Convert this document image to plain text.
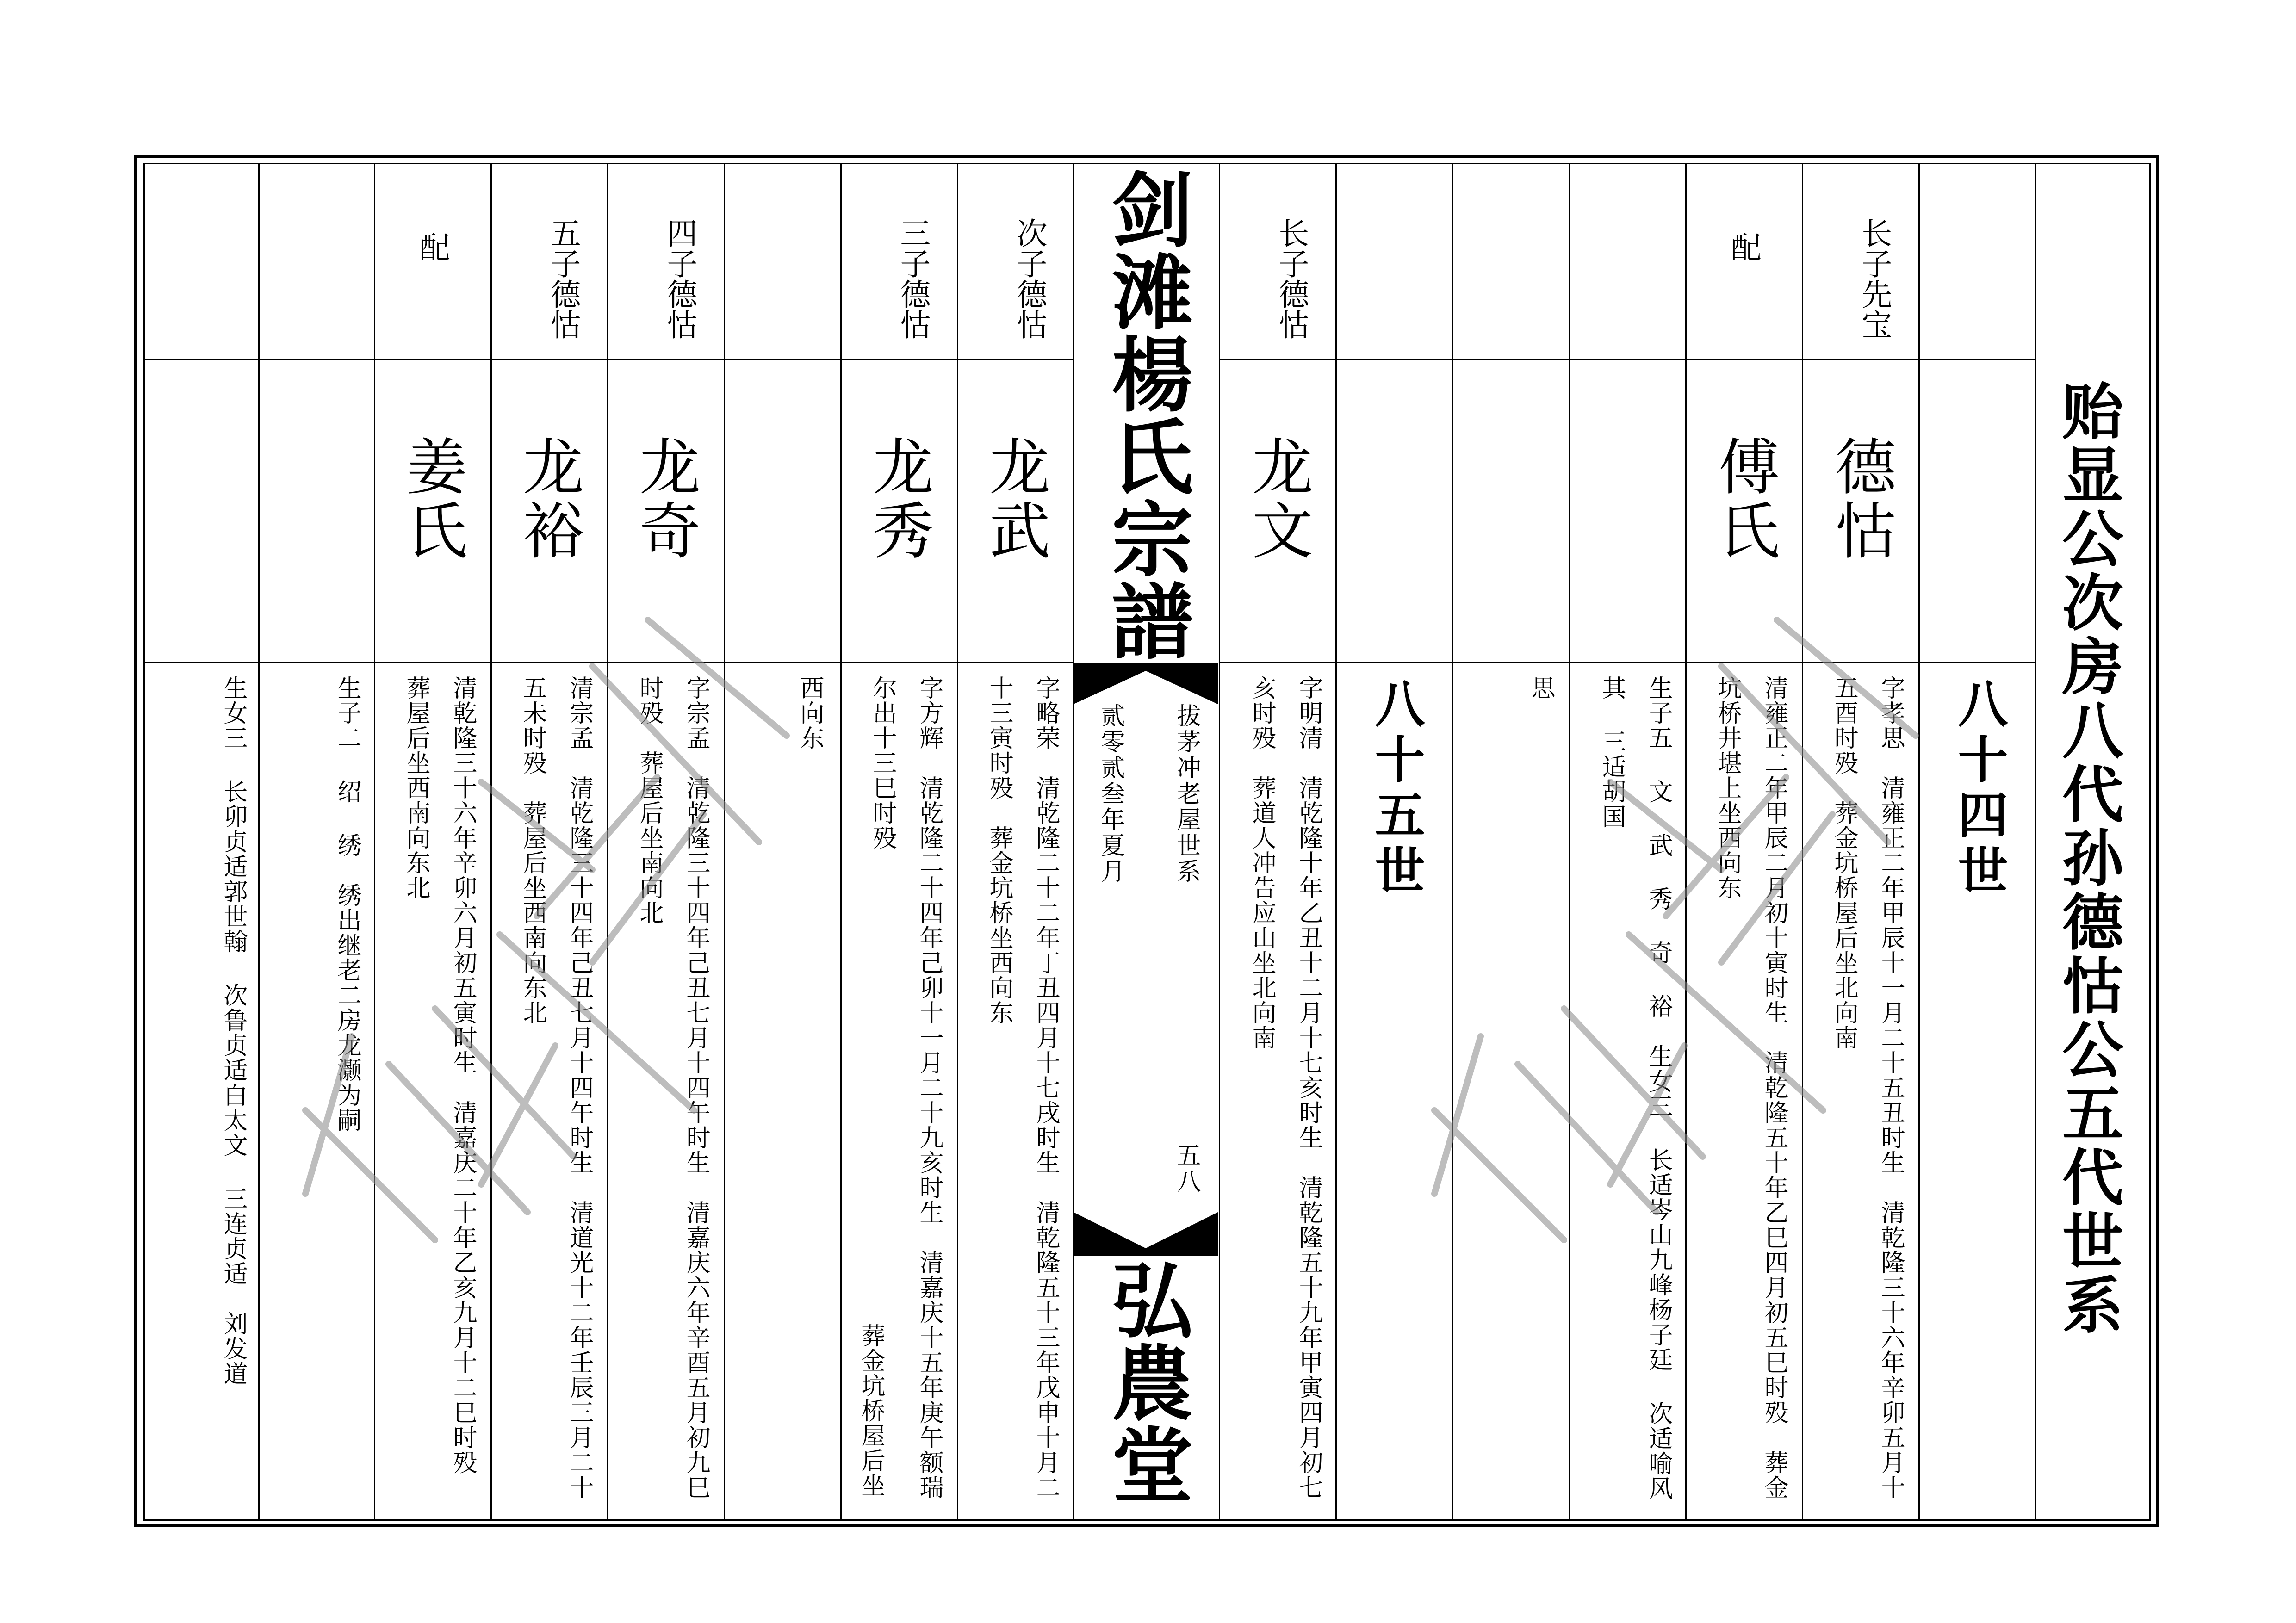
贻显公次房八代孙德怙公五代世系
八十四世
八十五世
剑滩楊氏宗譜
拔茅冲老屋世系
贰零贰叁年夏月
五八
弘農堂
长子先宝
德怙
字孝思　清雍正二年甲辰十一月二十五丑时生　清乾隆三十六年辛卯五月十五酉时殁　葬金坑桥屋后坐北向南
配
傅氏
清雍正二年甲辰二月初十寅时生　清乾隆五十年乙巳四月初五巳时殁　葬金坑桥井堪上坐西向东
生子五 文 武 秀 奇 裕　生女三 长适岑山九峰杨子廷 次适喻风其 三适胡国
思
长子德怙
龙文
字明清　清乾隆十年乙丑十二月十七亥时生　清乾隆五十九年甲寅四月初七亥时殁　葬道人冲告应山坐北向南
次子德怙
龙武
字略荣　清乾隆二十二年丁丑四月十七戌时生　清乾隆五十三年戊申十月二十三寅时殁　葬金坑桥坐西向东
三子德怙
龙秀
字方辉　清乾隆二十四年己卯十一月二十九亥时生　清嘉庆十五年庚午额瑞尔出十三巳时殁
西向东
葬金坑桥屋后坐
四子德怙
龙奇
字宗孟　清乾隆三十四年己丑七月十四午时生　清嘉庆六年辛酉五月初九巳时殁　葬屋后坐南向北
五子德怙
龙裕
清宗孟　清乾隆三十四年己丑七月十四午时生　清道光十二年壬辰三月二十五未时殁　葬屋后坐西南向东北
配
姜氏
清乾隆三十六年辛卯六月初五寅时生　清嘉庆二十年乙亥九月十二巳时殁　葬屋后坐西南向东北
生子二 绍 绣　绣出继老二房龙灏为嗣
生女三 长卯贞适郭世翰 次鲁贞适白太文 三连贞适　刘发道
